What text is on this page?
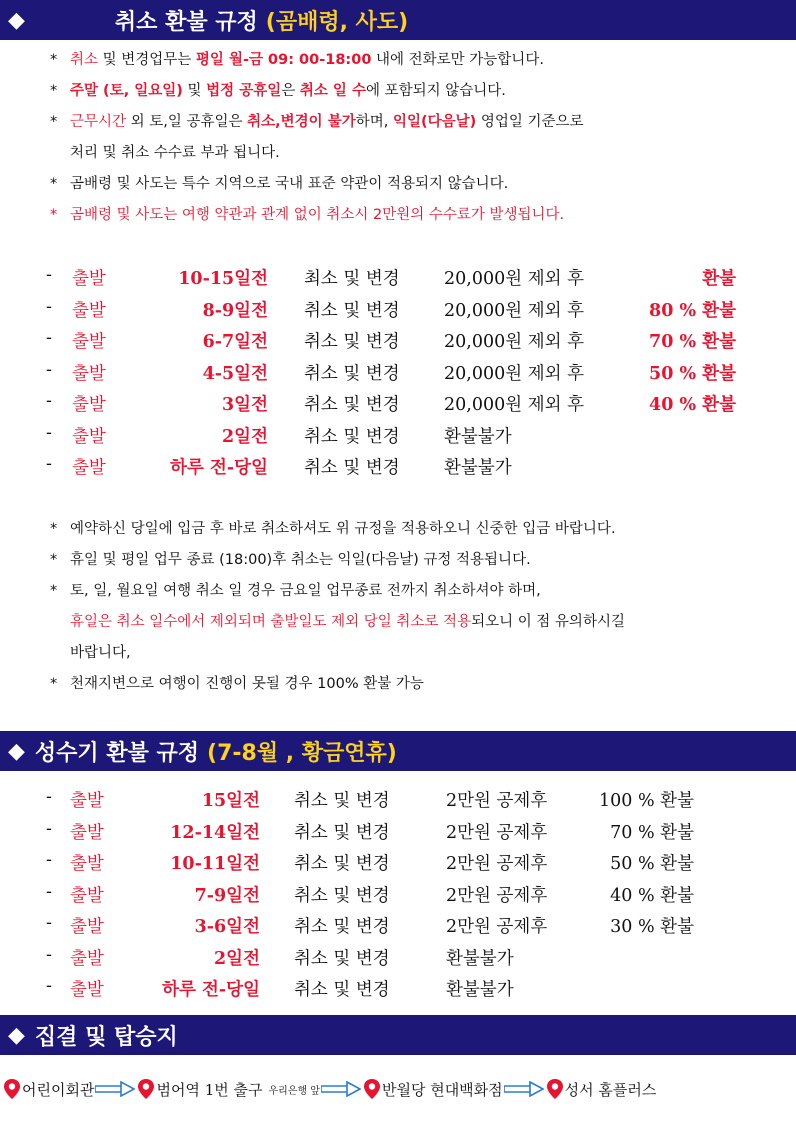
◆	취소 환불 규정 (곰배령, 사도)
* 취소 및 변경업무는 평일 월-금 09: 00-18:00 내에 전화로만 가능합니다.
* 주말 (토, 일요일) 및 법정 공휴일은 취소 일 수에 포함되지 않습니다.
* 근무시간 외 토,일 공휴일은 취소,변경이 불가하며, 익일(다음날) 영업일 기준으로
처리 및 취소 수수료 부과 됩니다.
* 곰배령 및 사도는 특수 지역으로 국내 표준 약관이 적용되지 않습니다.
* 곰배령 및 사도는 여행 약관과 관계 없이 취소시 2만원의 수수료가 발생됩니다.
- 출발	10-15일전 최소 및 변경	20,000원 제외 후	환불
- 출발	8-9일전 취소 및 변경	20,000원 제외 후	80 % 환불
- 출발	6-7일전 취소 및 변경	20,000원 제외 후	70 % 환불
- 출발	4-5일전 취소 및 변경	20,000원 제외 후	50 % 환불
- 출발	3일전 취소 및 변경	20,000원 제외 후	40 % 환불
- 출발	2일전 취소 및 변경	환불불가
- 출발	하루 전-당일 취소 및 변경	환불불가
* 예약하신 당일에 입금 후 바로 취소하셔도 위 규정을 적용하오니 신중한 입금 바랍니다.
* 휴일 및 평일 업무 종료 (18:00)후 취소는 익일(다음날) 규정 적용됩니다.
* 토, 일, 월요일 여행 취소 일 경우 금요일 업무종료 전까지 취소하셔야 하며,
휴일은 취소 일수에서 제외되며 출발일도 제외 당일 취소로 적용되오니 이 점 유의하시길
바랍니다,
* 천재지변으로 여행이 진행이 못될 경우 100% 환불 가능
◆ 성수기 환불 규정 (7-8월 , 황금연휴)
- 출발	15일전 취소 및 변경	2만원 공제후	100 % 환불
- 출발	12-14일전 취소 및 변경	2만원 공제후	70 % 환불
- 출발	10-11일전 취소 및 변경	2만원 공제후	50 % 환불
- 출발	7-9일전 취소 및 변경	2만원 공제후	40 % 환불
- 출발	3-6일전 취소 및 변경	2만원 공제후	30 % 환불
- 출발	2일전 취소 및 변경	환불불가
- 출발	하루 전-당일 취소 및 변경	환불불가
◆ 집결 및 탑승지
어린이회관	범어역 1번 출구 우리은행 앞	반월당 현대백화점	성서 홈플러스
